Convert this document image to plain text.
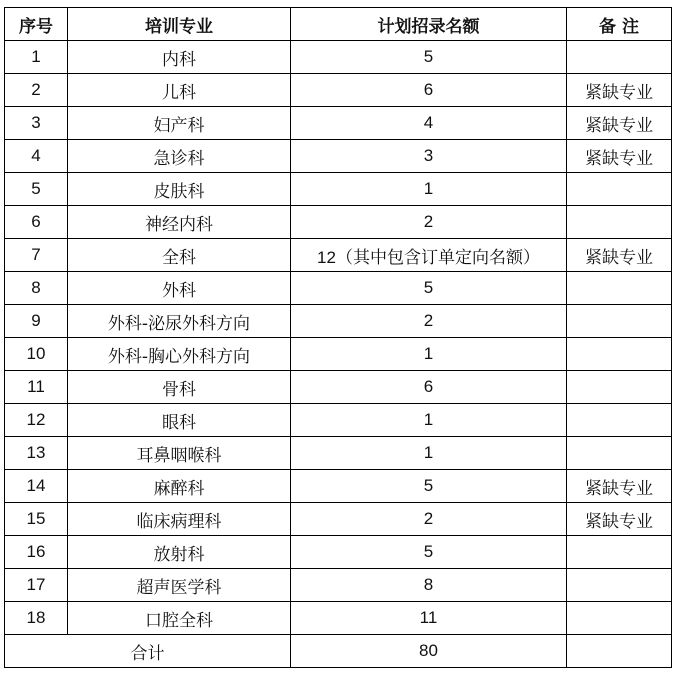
序号	培训专业	计划招录名额	备 注
1	内科	5	
2	儿科	6	紧缺专业
3	妇产科	4	紧缺专业
4	急诊科	3	紧缺专业
5	皮肤科	1	
6	神经内科	2	
7	全科	12（其中包含订单定向名额）	紧缺专业
8	外科	5	
9	外科-泌尿外科方向	2	
10	外科-胸心外科方向	1	
11	骨科	6	
12	眼科	1	
13	耳鼻咽喉科	1	
14	麻醉科	5	紧缺专业
15	临床病理科	2	紧缺专业
16	放射科	5	
17	超声医学科	8	
18	口腔全科	11	
合计		80	
